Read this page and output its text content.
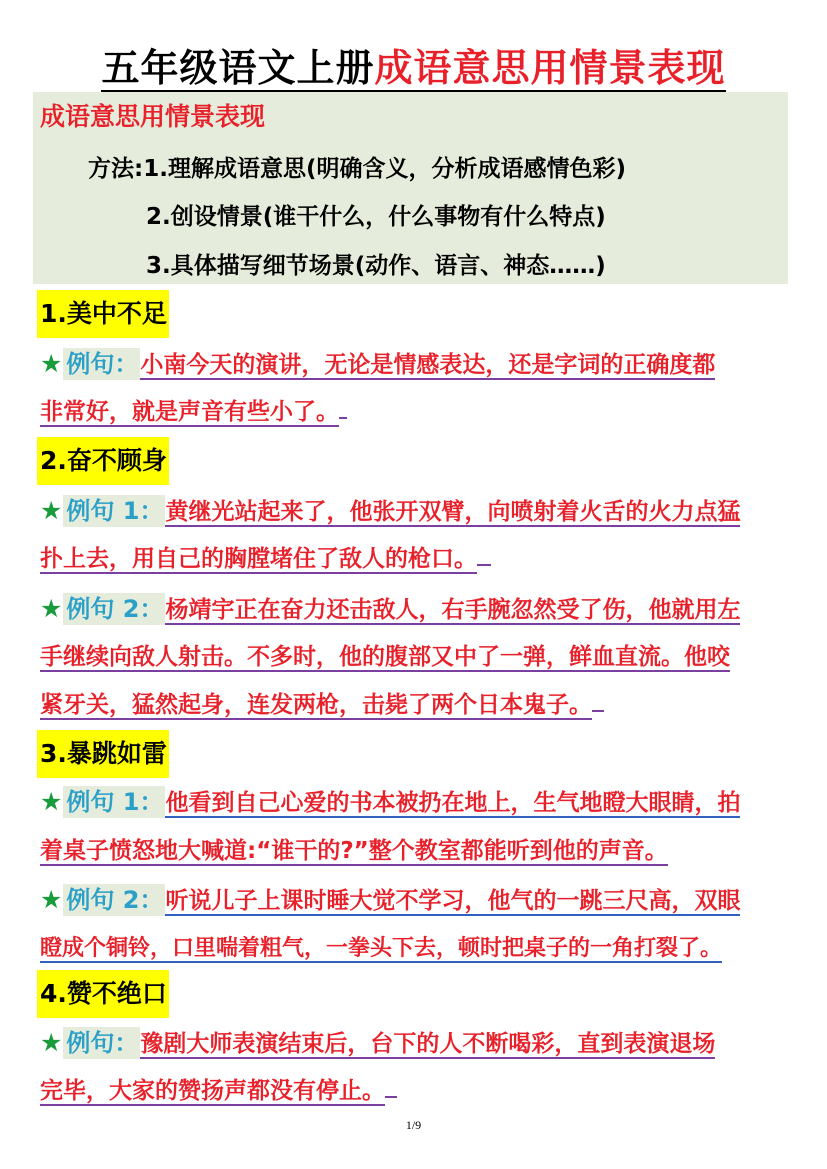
五年级语文上册成语意思用情景表现
成语意思用情景表现
方法:1.理解成语意思(明确含义，分析成语感情色彩)
2.创设情景(谁干什么，什么事物有什么特点)
3.具体描写细节场景(动作、语言、神态……)
1.美中不足
★ 例句：小南今天的演讲，无论是情感表达，还是字词的正确度都
非常好，就是声音有些小了。
2.奋不顾身
★ 例句 1：黄继光站起来了，他张开双臂，向喷射着火舌的火力点猛
扑上去，用自己的胸膛堵住了敌人的枪口。
★ 例句 2：杨靖宇正在奋力还击敌人，右手腕忽然受了伤，他就用左
手继续向敌人射击。不多时，他的腹部又中了一弹，鲜血直流。他咬
紧牙关，猛然起身，连发两枪，击毙了两个日本鬼子。
3.暴跳如雷
★ 例句 1：他看到自己心爱的书本被扔在地上，生气地瞪大眼睛，拍
着桌子愤怒地大喊道:“谁干的?”整个教室都能听到他的声音。
★ 例句 2：听说儿子上课时睡大觉不学习，他气的一跳三尺高，双眼
瞪成个铜铃，口里喘着粗气，一拳头下去，顿时把桌子的一角打裂了。
4.赞不绝口
★ 例句：豫剧大师表演结束后，台下的人不断喝彩，直到表演退场
完毕，大家的赞扬声都没有停止。
1/9
